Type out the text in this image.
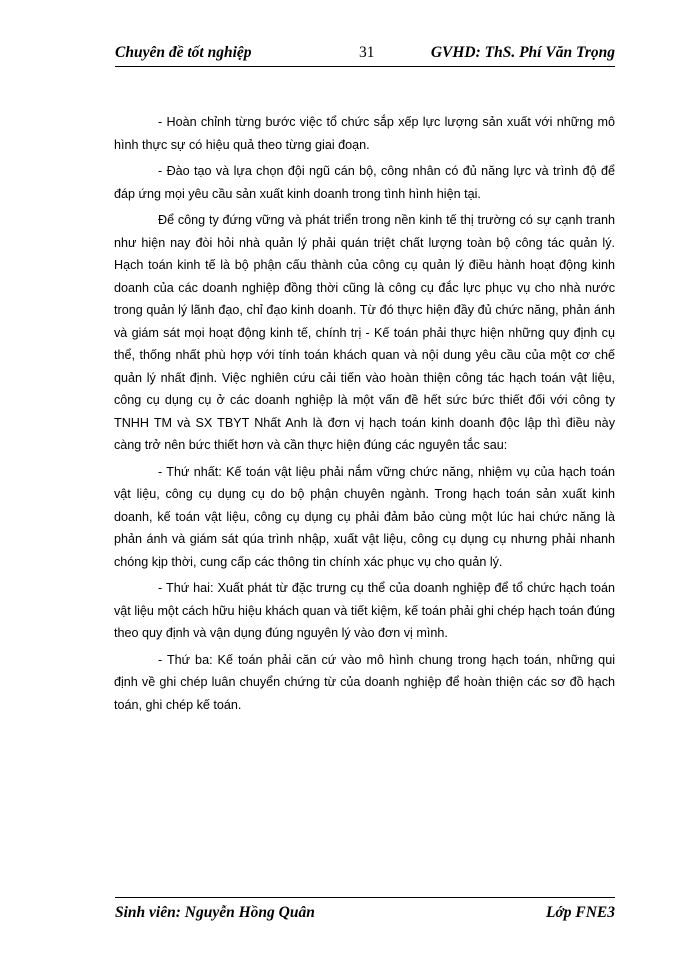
Chuyên đề tốt nghiệp	31	GVHD: ThS. Phí Văn Trọng

- Hoàn chỉnh từng bước việc tổ chức sắp xếp lực lượng sản xuất với những mô hình thực sự có hiệu quả theo từng giai đoạn.

- Đào tạo và lựa chọn đội ngũ cán bộ, công nhân có đủ năng lực và trình độ để đáp ứng mọi yêu cầu sản xuất kinh doanh trong tình hình hiện tại.

Để công ty đứng vững và phát triển trong nền kinh tế thị trường có sự cạnh tranh như hiện nay đòi hỏi nhà quản lý phải quán triệt chất lượng toàn bộ công tác quản lý. Hạch toán kinh tế là bộ phận cấu thành của công cụ quản lý điều hành hoạt động kinh doanh của các doanh nghiệp đồng thời cũng là công cụ đắc lực phục vụ cho nhà nước trong quản lý lãnh đạo, chỉ đạo kinh doanh. Từ đó thực hiện đầy đủ chức năng, phản ánh và giám sát mọi hoạt động kinh tế, chính trị - Kế toán phải thực hiện những quy định cụ thể, thống nhất phù hợp với tính toán khách quan và nội dung yêu cầu của một cơ chế quản lý nhất định. Việc nghiên cứu cải tiến vào hoàn thiện công tác hạch toán vật liệu, công cụ dụng cụ ở các doanh nghiệp là một vấn đề hết sức bức thiết đối với công ty TNHH TM và SX TBYT Nhất Anh là đơn vị hạch toán kinh doanh độc lập thì điều này càng trở nên bức thiết hơn và cần thực hiện đúng các nguyên tắc sau:

- Thứ nhất: Kế toán vật liệu phải nắm vững chức năng, nhiệm vụ của hạch toán vật liệu, công cụ dụng cụ do bộ phận chuyên ngành. Trong hạch toán sản xuất kinh doanh, kế toán vật liệu, công cụ dụng cụ phải đảm bảo cùng một lúc hai chức năng là phản ánh và giám sát qúa trình nhập, xuất vật liệu, công cụ dụng cụ nhưng phải nhanh chóng kịp thời, cung cấp các thông tin chính xác phục vụ cho quản lý.

- Thứ hai: Xuất phát từ đặc trưng cụ thể của doanh nghiệp để tổ chức hạch toán vật liệu một cách hữu hiệu khách quan và tiết kiệm, kế toán phải ghi chép hạch toán đúng theo quy định và vận dụng đúng nguyên lý vào đơn vị mình.

- Thứ ba: Kế toán phải căn cứ vào mô hình chung trong hạch toán, những qui định về ghi chép luân chuyển chứng từ của doanh nghiệp để hoàn thiện các sơ đồ hạch toán, ghi chép kế toán.

Sinh viên: Nguyễn Hồng Quân	Lớp FNE3
